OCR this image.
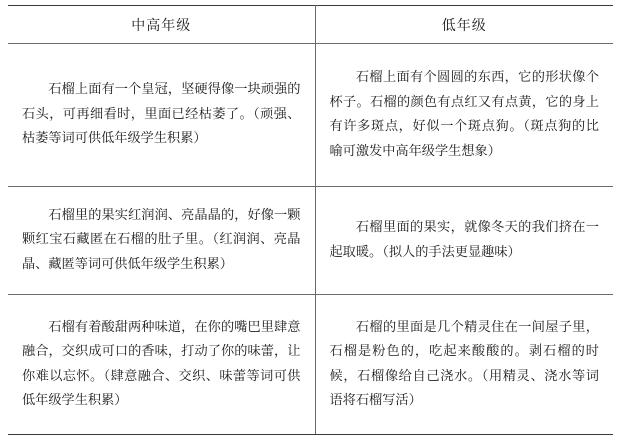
中高年级	低年级

石榴上面有一个皇冠，坚硬得像一块顽强的石头，可再细看时，里面已经枯萎了。（顽强、枯萎等词可供低年级学生积累）	石榴上面有个圆圆的东西，它的形状像个杯子。石榴的颜色有点红又有点黄，它的身上有许多斑点，好似一个斑点狗。（斑点狗的比喻可激发中高年级学生想象）

石榴里的果实红润润、亮晶晶的，好像一颗颗红宝石藏匿在石榴的肚子里。（红润润、亮晶晶、藏匿等词可供低年级学生积累）	石榴里面的果实，就像冬天的我们挤在一起取暖。（拟人的手法更显趣味）

石榴有着酸甜两种味道，在你的嘴巴里肆意融合，交织成可口的香味，打动了你的味蕾，让你难以忘怀。（肆意融合、交织、味蕾等词可供低年级学生积累）	石榴的里面是几个精灵住在一间屋子里，石榴是粉色的，吃起来酸酸的。剥石榴的时候，石榴像给自己浇水。（用精灵、浇水等词语将石榴写活）
